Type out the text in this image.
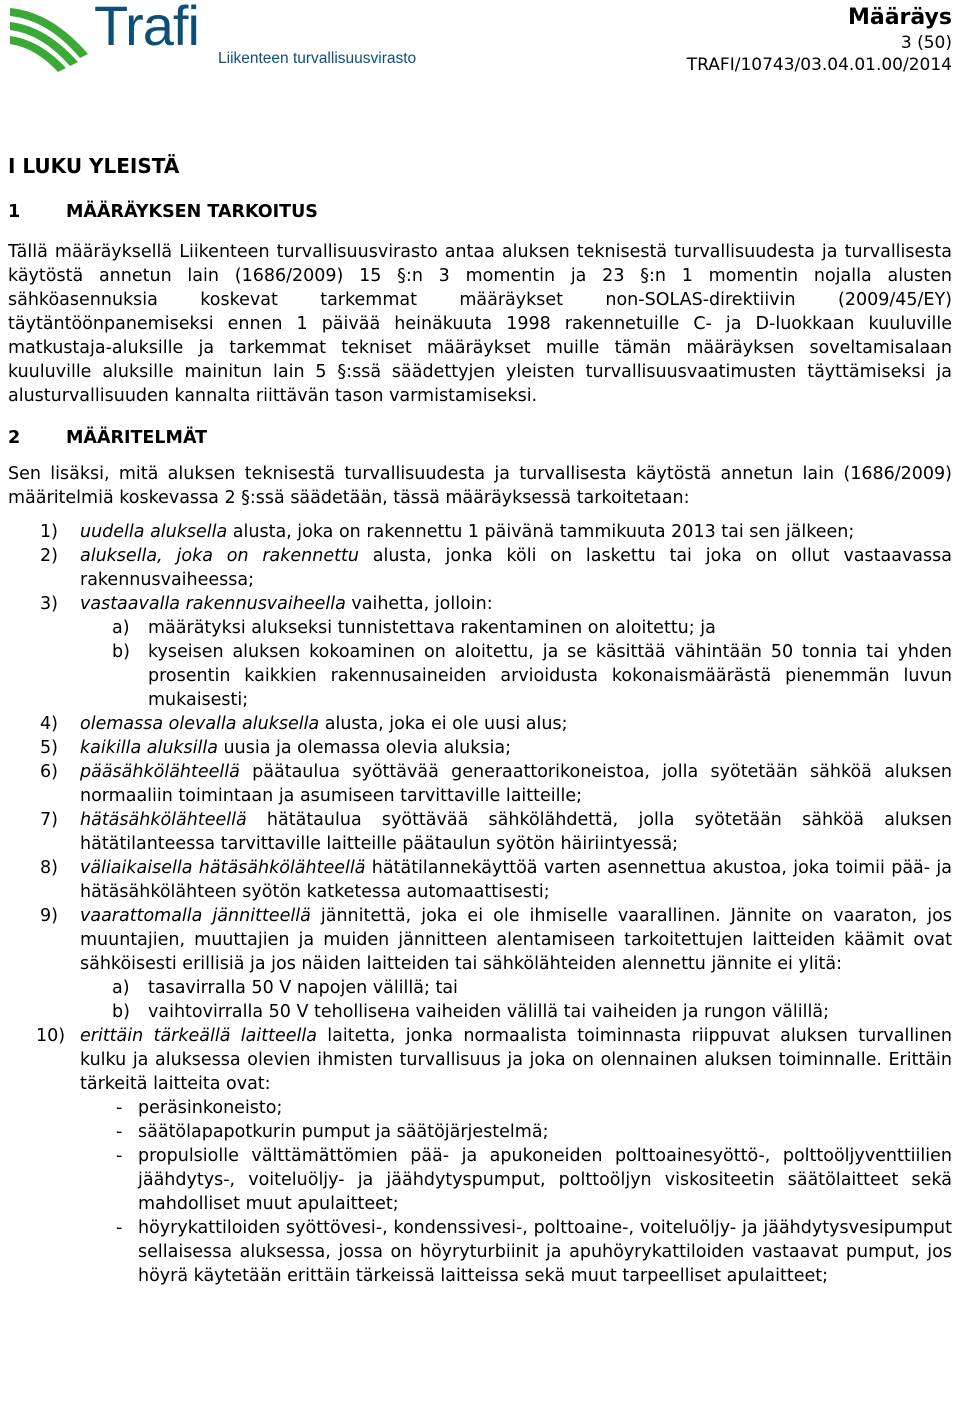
Trafi
Liikenteen turvallisuusvirasto
Määräys
3 (50)
TRAFI/10743/03.04.01.00/2014
I LUKU YLEISTÄ
1	MÄÄRÄYKSEN TARKOITUS

Tällä määräyksellä Liikenteen turvallisuusvirasto antaa aluksen teknisestä turvallisuudesta ja turvallisesta käytöstä annetun lain (1686/2009) 15 §:n 3 momentin ja 23 §:n 1 momentin nojalla alusten sähköasennuksia koskevat tarkemmat määräykset non-SOLAS-direktiivin (2009/45/EY) täytäntöönpanemiseksi ennen 1 päivää heinäkuuta 1998 rakennetuille C- ja D-luokkaan kuuluville matkustaja-aluksille ja tarkemmat tekniset määräykset muille tämän määräyksen soveltamisalaan kuuluville aluksille mainitun lain 5 §:ssä säädettyjen yleisten turvallisuusvaatimusten täyttämiseksi ja alusturvallisuuden kannalta riittävän tason varmistamiseksi.

2	MÄÄRITELMÄT

Sen lisäksi, mitä aluksen teknisestä turvallisuudesta ja turvallisesta käytöstä annetun lain (1686/2009) määritelmiä koskevassa 2 §:ssä säädetään, tässä määräyksessä tarkoitetaan:

1) uudella aluksella alusta, joka on rakennettu 1 päivänä tammikuuta 2013 tai sen jälkeen;
2) aluksella, joka on rakennettu alusta, jonka köli on laskettu tai joka on ollut vastaavassa rakennusvaiheessa;
3) vastaavalla rakennusvaiheella vaihetta, jolloin:
a) määrätyksi alukseksi tunnistettava rakentaminen on aloitettu; ja
b) kyseisen aluksen kokoaminen on aloitettu, ja se käsittää vähintään 50 tonnia tai yhden prosentin kaikkien rakennusaineiden arvioidusta kokonaismäärästä pienemmän luvun mukaisesti;
4) olemassa olevalla aluksella alusta, joka ei ole uusi alus;
5) kaikilla aluksilla uusia ja olemassa olevia aluksia;
6) pääsähkölähteellä päätaulua syöttävää generaattorikoneistoa, jolla syötetään sähköä aluksen normaaliin toimintaan ja asumiseen tarvittaville laitteille;
7) hätäsähkölähteellä hätätaulua syöttävää sähkölähdettä, jolla syötetään sähköä aluksen hätätilanteessa tarvittaville laitteille päätaulun syötön häiriintyessä;
8) väliaikaisella hätäsähkölähteellä hätätilannekäyttöä varten asennettua akustoa, joka toimii pää- ja hätäsähkölähteen syötön katketessa automaattisesti;
9) vaarattomalla jännitteellä jännitettä, joka ei ole ihmiselle vaarallinen. Jännite on vaaraton, jos muuntajien, muuttajien ja muiden jännitteen alentamiseen tarkoitettujen laitteiden käämit ovat sähköisesti erillisiä ja jos näiden laitteiden tai sähkölähteiden alennettu jännite ei ylitä:
a) tasavirralla 50 V napojen välillä; tai
b) vaihtovirralla 50 V teholliseна vaiheiden välillä tai vaiheiden ja rungon välillä;
10) erittäin tärkeällä laitteella laitetta, jonka normaalista toiminnasta riippuvat aluksen turvallinen kulku ja aluksessa olevien ihmisten turvallisuus ja joka on olennainen aluksen toiminnalle. Erittäin tärkeitä laitteita ovat:
- peräsinkoneisto;
- säätölapapotkurin pumput ja säätöjärjestelmä;
- propulsiolle välttämättömien pää- ja apukoneiden polttoainesyöttö-, polttoöljyventtiilien jäähdytys-, voiteluöljy- ja jäähdytyspumput, polttoöljyn viskositeetin säätölaitteet sekä mahdolliset muut apulaitteet;
- höyrykattiloiden syöttövesi-, kondenssivesi-, polttoaine-, voiteluöljy- ja jäähdytysvesipumput sellaisessa aluksessa, jossa on höyryturbiinit ja apuhöyrykattiloiden vastaavat pumput, jos höyrä käytetään erittäin tärkeissä laitteissa sekä muut tarpeelliset apulaitteet;
